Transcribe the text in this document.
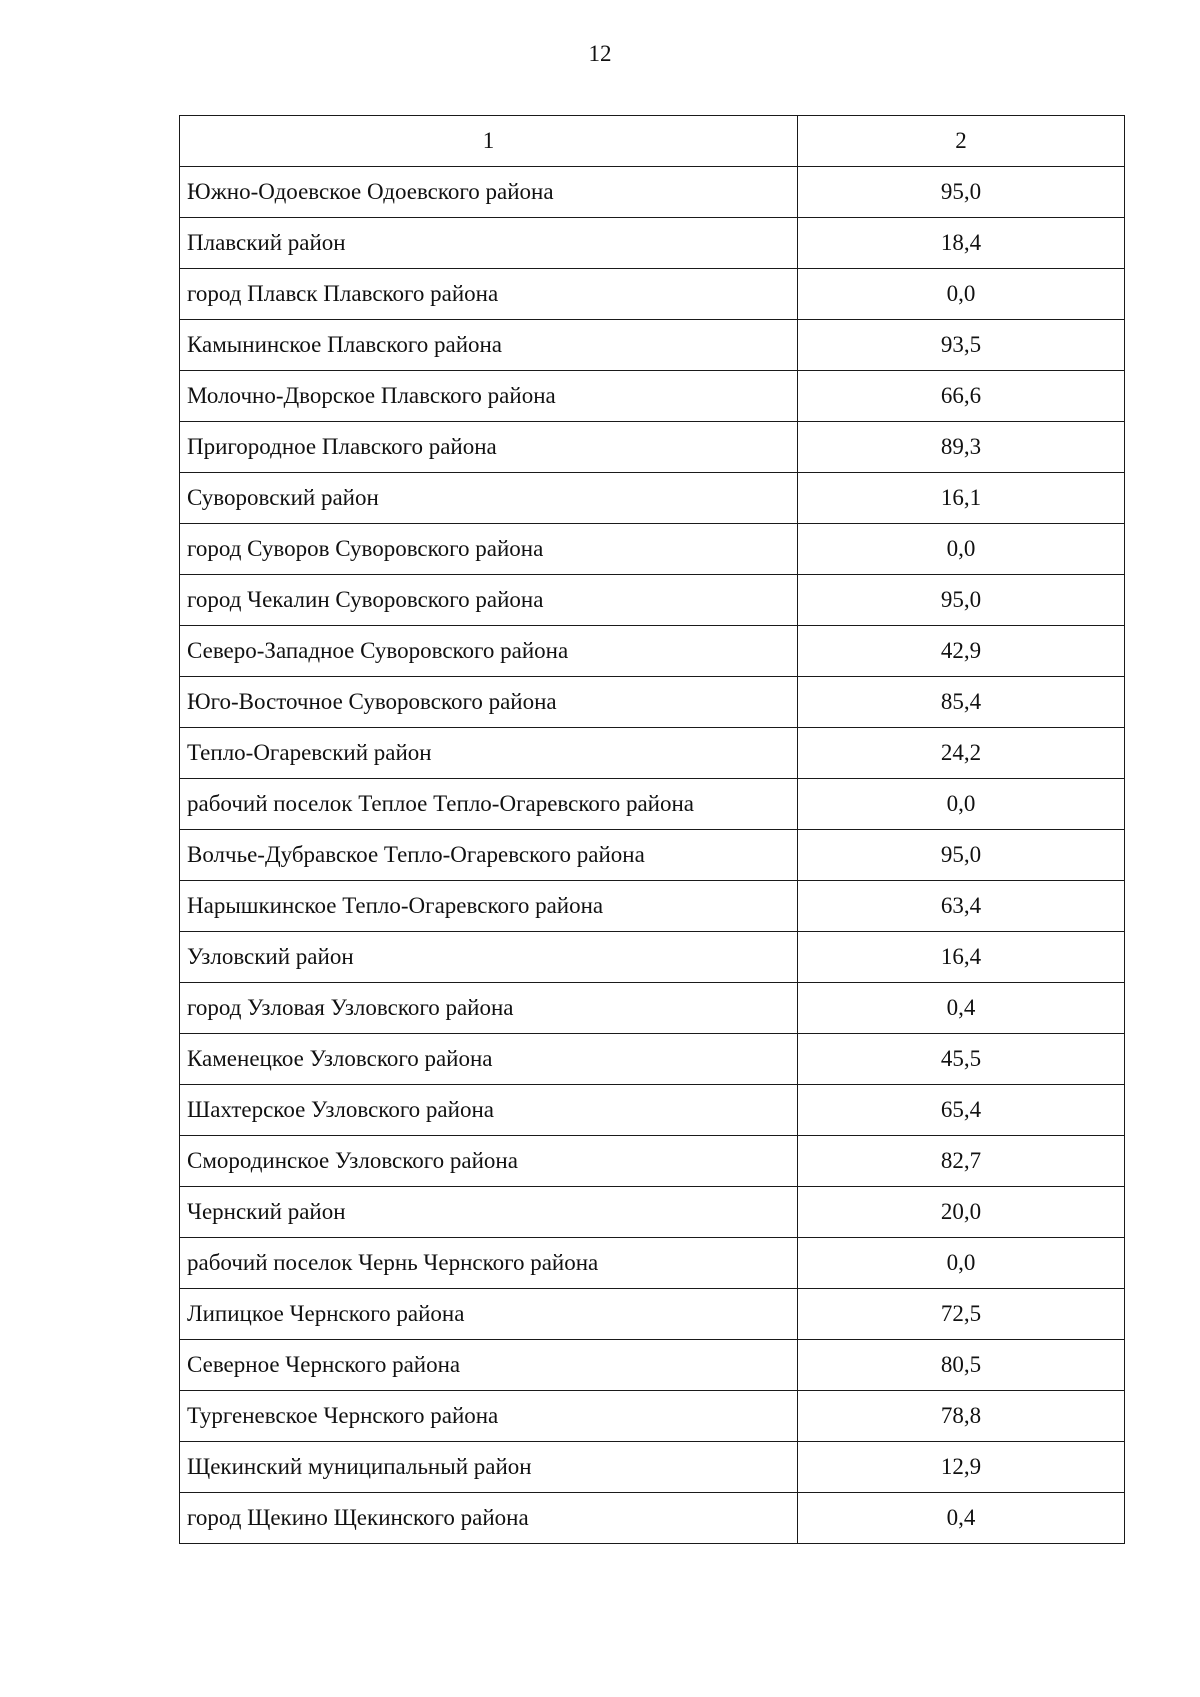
12
1	2
Южно-Одоевское Одоевского района	95,0
Плавский район	18,4
город Плавск Плавского района	0,0
Камынинское Плавского района	93,5
Молочно-Дворское Плавского района	66,6
Пригородное Плавского района	89,3
Суворовский район	16,1
город Суворов Суворовского района	0,0
город Чекалин Суворовского района	95,0
Северо-Западное Суворовского района	42,9
Юго-Восточное Суворовского района	85,4
Тепло-Огаревский район	24,2
рабочий поселок Теплое Тепло-Огаревского района	0,0
Волчье-Дубравское Тепло-Огаревского района	95,0
Нарышкинское Тепло-Огаревского района	63,4
Узловский район	16,4
город Узловая Узловского района	0,4
Каменецкое Узловского района	45,5
Шахтерское Узловского района	65,4
Смородинское Узловского района	82,7
Чернский район	20,0
рабочий поселок Чернь Чернского района	0,0
Липицкое Чернского района	72,5
Северное Чернского района	80,5
Тургеневское Чернского района	78,8
Щекинский муниципальный район	12,9
город Щекино Щекинского района	0,4
